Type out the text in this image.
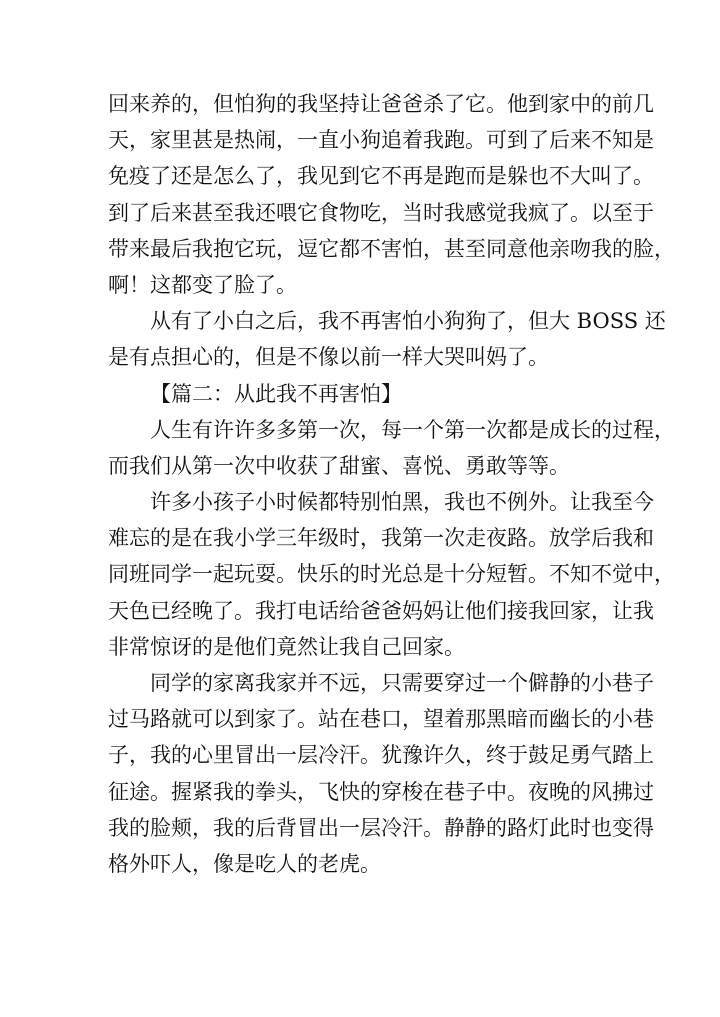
回来养的，但怕狗的我坚持让爸爸杀了它。他到家中的前几
天，家里甚是热闹，一直小狗追着我跑。可到了后来不知是
免疫了还是怎么了，我见到它不再是跑而是躲也不大叫了。
到了后来甚至我还喂它食物吃，当时我感觉我疯了。以至于
带来最后我抱它玩，逗它都不害怕，甚至同意他亲吻我的脸，
啊！这都变了脸了。
从有了小白之后，我不再害怕小狗狗了，但大 BOSS 还
是有点担心的，但是不像以前一样大哭叫妈了。
【篇二：从此我不再害怕】
人生有许许多多第一次，每一个第一次都是成长的过程，
而我们从第一次中收获了甜蜜、喜悦、勇敢等等。
许多小孩子小时候都特别怕黑，我也不例外。让我至今
难忘的是在我小学三年级时，我第一次走夜路。放学后我和
同班同学一起玩耍。快乐的时光总是十分短暂。不知不觉中，
天色已经晚了。我打电话给爸爸妈妈让他们接我回家，让我
非常惊讶的是他们竟然让我自己回家。
同学的家离我家并不远，只需要穿过一个僻静的小巷子
过马路就可以到家了。站在巷口，望着那黑暗而幽长的小巷
子，我的心里冒出一层冷汗。犹豫许久，终于鼓足勇气踏上
征途。握紧我的拳头，飞快的穿梭在巷子中。夜晚的风拂过
我的脸颊，我的后背冒出一层冷汗。静静的路灯此时也变得
格外吓人，像是吃人的老虎。
